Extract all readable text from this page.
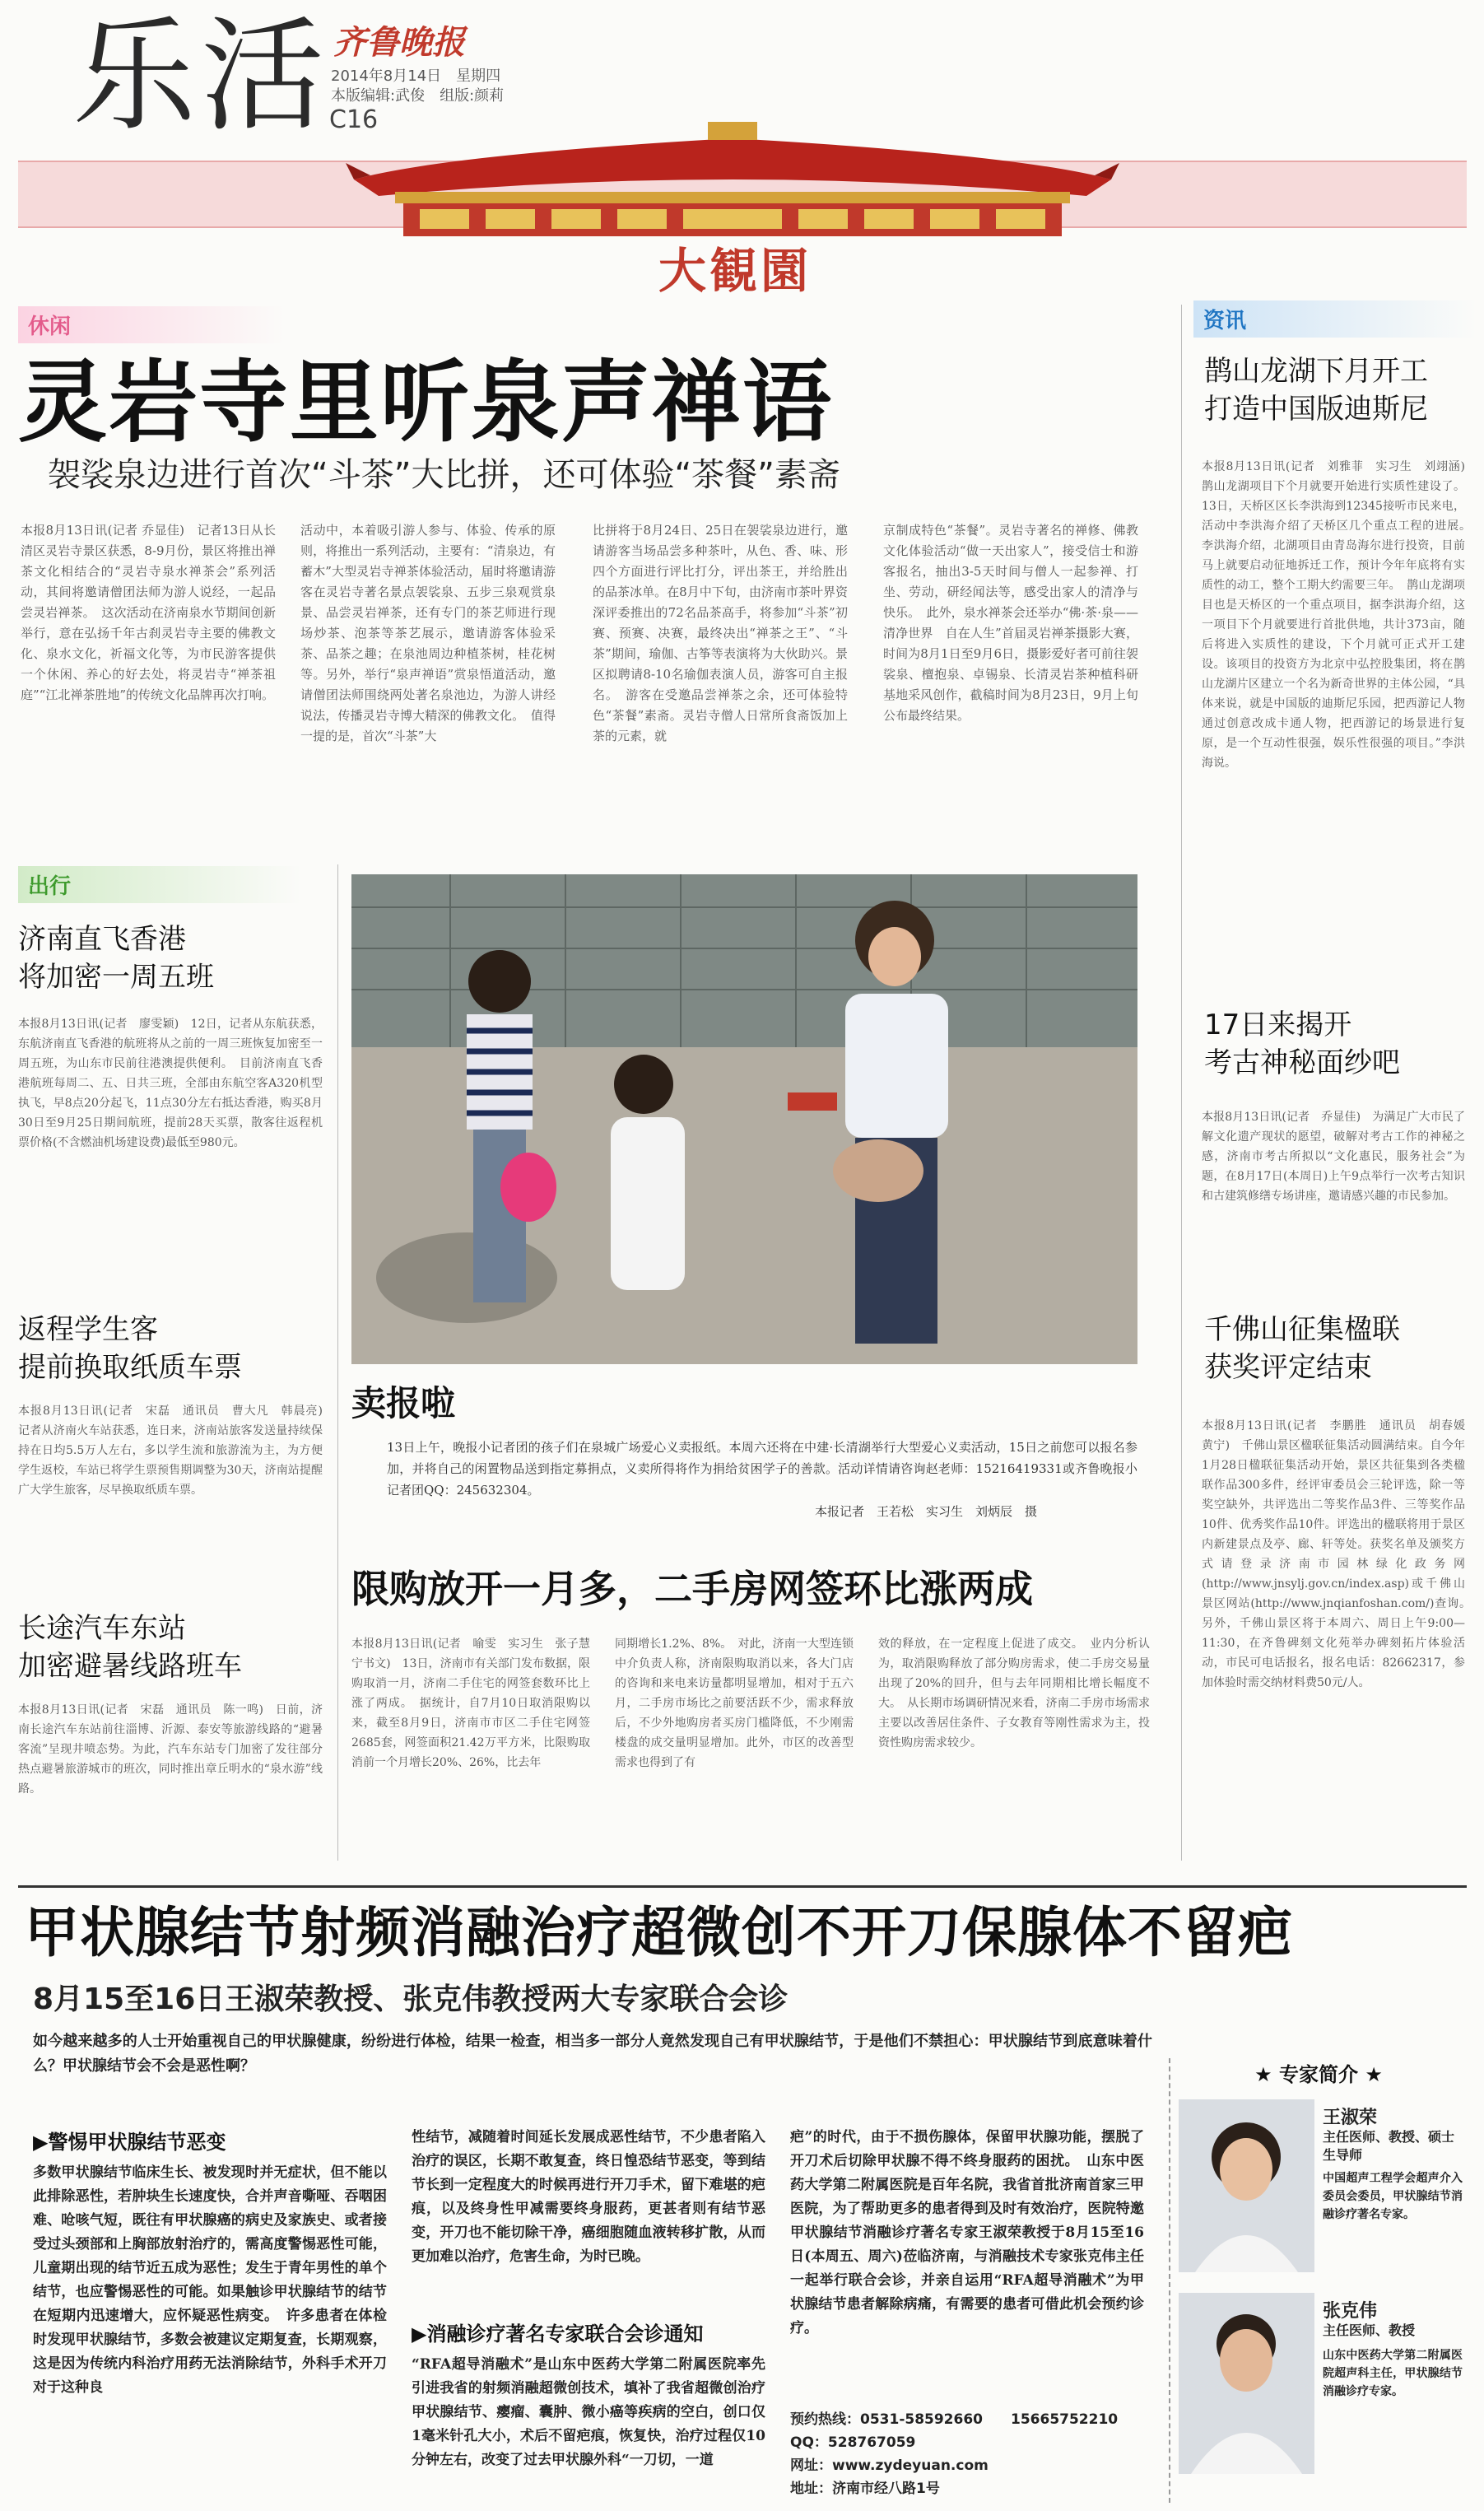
乐活 齐鲁晚报
2014年8月14日　星期四
本版编辑:武俊　组版:颜莉
C16
大観園
休闲
灵岩寺里听泉声禅语
袈裟泉边进行首次“斗茶”大比拼，还可体验“茶餐”素斋
本报8月13日讯(记者 乔显佳)　记者13日从长清区灵岩寺景区获悉，8-9月份，景区将推出禅茶文化相结合的“灵岩寺泉水禅茶会”系列活动，其间将邀请僧团法师为游人说经，一起品尝灵岩禅茶。　这次活动在济南泉水节期间创新举行，意在弘扬千年古刹灵岩寺主要的佛教文化、泉水文化，祈福文化等，为市民游客提供一个休闲、养心的好去处，将灵岩寺“禅茶祖庭”“江北禅茶胜地”的传统文化品牌再次打响。
活动中，本着吸引游人参与、体验、传承的原则，将推出一系列活动，主要有：“清泉边，有蓄木”大型灵岩寺禅茶体验活动，届时将邀请游客在灵岩寺著名景点袈裟泉、五步三泉观赏泉景、品尝灵岩禅茶，还有专门的茶艺师进行现场炒茶、泡茶等茶艺展示，邀请游客体验采茶、品茶之趣；在泉池周边种植茶树，桂花树等。另外，举行“泉声禅语”赏泉悟道活动，邀请僧团法师围绕两处著名泉池边，为游人讲经说法，传播灵岩寺博大精深的佛教文化。　值得一提的是，首次“斗茶”大
比拼将于8月24日、25日在袈裟泉边进行，邀请游客当场品尝多种茶叶，从色、香、味、形四个方面进行评比打分，评出茶王，并给胜出的品茶冰单。在8月中下旬，由济南市茶叶界资深评委推出的72名品茶高手，将参加“斗茶”初赛、预赛、决赛，最终决出“禅茶之王”、“斗茶”期间，瑜伽、古筝等表演将为大伙助兴。景区拟聘请8-10名瑜伽表演人员，游客可自主报名。　游客在受邀品尝禅茶之余，还可体验特色“茶餐”素斋。灵岩寺僧人日常所食斋饭加上茶的元素，就
京制成特色“茶餐”。灵岩寺著名的禅修、佛教文化体验活动“做一天出家人”，接受信士和游客报名，抽出3-5天时间与僧人一起参禅、打坐、劳动，研经闻法等，感受出家人的清净与快乐。　此外，泉水禅茶会还举办“佛·茶·泉——清净世界　自在人生”首届灵岩禅茶摄影大赛，时间为8月1日至9月6日，摄影爱好者可前往袈裟泉、檀抱泉、卓锡泉、长清灵岩茶种植科研基地采风创作，截稿时间为8月23日，9月上旬公布最终结果。
资讯
鹊山龙湖下月开工
打造中国版迪斯尼
本报8月13日讯(记者　刘雅菲　实习生　刘翊涵)　鹊山龙湖项目下个月就要开始进行实质性建设了。13日，天桥区区长李洪海到12345接听市民来电，活动中李洪海介绍了天桥区几个重点工程的进展。　李洪海介绍，北湖项目由青岛海尔进行投资，目前马上就要启动征地拆迁工作，预计今年年底将有实质性的动工，整个工期大约需要三年。　鹊山龙湖项目也是天桥区的一个重点项目，据李洪海介绍，这一项目下个月就要进行首批供地，共计373亩，随后将进入实质性的建设，下个月就可正式开工建设。该项目的投资方为北京中弘控股集团，将在鹊山龙湖片区建立一个名为新奇世界的主体公园，“具体来说，就是中国版的迪斯尼乐园，把西游记人物通过创意改成卡通人物，把西游记的场景进行复原，是一个互动性很强，娱乐性很强的项目。”李洪海说。
17日来揭开
考古神秘面纱吧
本报8月13日讯(记者　乔显佳)　为满足广大市民了解文化遗产现状的愿望，破解对考古工作的神秘之感，济南市考古所拟以“文化惠民，服务社会”为题，在8月17日(本周日)上午9点举行一次考古知识和古建筑修缮专场讲座，邀请感兴趣的市民参加。
千佛山征集楹联
获奖评定结束
本报8月13日讯(记者　李鹏胜　通讯员　胡春媛　黄宁)　千佛山景区楹联征集活动圆满结束。自今年1月28日楹联征集活动开始，景区共征集到各类楹联作品300多件，经评审委员会三轮评选，除一等奖空缺外，共评选出二等奖作品3件、三等奖作品10件、优秀奖作品10件。评选出的楹联将用于景区内新建景点及亭、廊、轩等处。获奖名单及颁奖方式请登录济南市园林绿化政务网(http://www.jnsylj.gov.cn/index.asp)或千佛山景区网站(http://www.jnqianfoshan.com/)查询。　另外，千佛山景区将于本周六、周日上午9:00—11:30，在齐鲁碑刻文化苑举办碑刻拓片体验活动，市民可电话报名，报名电话：82662317，参加体验时需交纳材料费50元/人。
出行
济南直飞香港
将加密一周五班
本报8月13日讯(记者　廖雯颖)　12日，记者从东航获悉，东航济南直飞香港的航班将从之前的一周三班恢复加密至一周五班，为山东市民前往港澳提供便利。　目前济南直飞香港航班每周二、五、日共三班，全部由东航空客A320机型执飞，早8点20分起飞，11点30分左右抵达香港，购买8月30日至9月25日期间航班，提前28天买票，散客往返程机票价格(不含燃油机场建设费)最低至980元。
返程学生客
提前换取纸质车票
本报8月13日讯(记者　宋磊　通讯员　曹大凡　韩晨亮)　记者从济南火车站获悉，连日来，济南站旅客发送量持续保持在日均5.5万人左右，多以学生流和旅游流为主，为方便学生返校，车站已将学生票预售期调整为30天，济南站提醒广大学生旅客，尽早换取纸质车票。
长途汽车东站
加密避暑线路班车
本报8月13日讯(记者　宋磊　通讯员　陈一鸣)　日前，济南长途汽车东站前往淄博、沂源、泰安等旅游线路的“避暑客流”呈现井喷态势。为此，汽车东站专门加密了发往部分热点避暑旅游城市的班次，同时推出章丘明水的“泉水游”线路。
卖报啦
13日上午，晚报小记者团的孩子们在泉城广场爱心义卖报纸。本周六还将在中建·长清湖举行大型爱心义卖活动，15日之前您可以报名参加，并将自己的闲置物品送到指定募捐点，义卖所得将作为捐给贫困学子的善款。活动详情请咨询赵老师：15216419331或齐鲁晚报小记者团QQ：245632304。
本报记者　王若松　实习生　刘炳辰　摄
限购放开一月多，二手房网签环比涨两成
本报8月13日讯(记者　喻雯　实习生　张子慧　宁书文)　13日，济南市有关部门发布数据，限购取消一月，济南二手住宅的网签套数环比上涨了两成。　据统计，自7月10日取消限购以来，截至8月9日，济南市市区二手住宅网签2685套，网签面积21.42万平方米，比限购取消前一个月增长20%、26%，比去年
同期增长1.2%、8%。　对此，济南一大型连锁中介负责人称，济南限购取消以来，各大门店的咨询和来电来访量都明显增加，相对于五六月，二手房市场比之前要活跃不少，需求释放后，不少外地购房者买房门槛降低，不少刚需楼盘的成交量明显增加。此外，市区的改善型需求也得到了有
效的释放，在一定程度上促进了成交。　业内分析认为，取消限购释放了部分购房需求，使二手房交易量出现了20%的回升，但与去年同期相比增长幅度不大。　从长期市场调研情况来看，济南二手房市场需求主要以改善居住条件、子女教育等刚性需求为主，投资性购房需求较少。
甲状腺结节射频消融治疗超微创不开刀保腺体不留疤
8月15至16日王淑荣教授、张克伟教授两大专家联合会诊
如今越来越多的人士开始重视自己的甲状腺健康，纷纷进行体检，结果一检查，相当多一部分人竟然发现自己有甲状腺结节，于是他们不禁担心：甲状腺结节到底意味着什么？甲状腺结节会不会是恶性啊？
▶警惕甲状腺结节恶变
多数甲状腺结节临床生长、被发现时并无症状，但不能以此排除恶性，若肿块生长速度快，合并声音嘶哑、吞咽困难、呛咳气短，既往有甲状腺癌的病史及家族史、或者接受过头颈部和上胸部放射治疗的，需高度警惕恶性可能，儿童期出现的结节近五成为恶性；发生于青年男性的单个结节，也应警惕恶性的可能。如果触诊甲状腺结节的结节在短期内迅速增大，应怀疑恶性病变。　许多患者在体检时发现甲状腺结节，多数会被建议定期复查，长期观察，这是因为传统内科治疗用药无法消除结节，外科手术开刀对于这种良
性结节，减随着时间延长发展成恶性结节，不少患者陷入治疗的误区，长期不敢复查，终日惶恐结节恶变，等到结节长到一定程度大的时候再进行开刀手术，留下难堪的疤痕，以及终身性甲减需要终身服药，更甚者则有结节恶变，开刀也不能切除干净，癌细胞随血液转移扩散，从而更加难以治疗，危害生命，为时已晚。
▶消融诊疗著名专家联合会诊通知
“RFA超导消融术”是山东中医药大学第二附属医院率先引进我省的射频消融超微创技术，填补了我省超微创治疗甲状腺结节、瘿瘤、囊肿、微小癌等疾病的空白，创口仅1毫米针孔大小，术后不留疤痕，恢复快，治疗过程仅10分钟左右，改变了过去甲状腺外科“一刀切，一道
疤”的时代，由于不损伤腺体，保留甲状腺功能，摆脱了开刀术后切除甲状腺不得不终身服药的困扰。　山东中医药大学第二附属医院是百年名院，我省首批济南首家三甲医院，为了帮助更多的患者得到及时有效治疗，医院特邀甲状腺结节消融诊疗著名专家王淑荣教授于8月15至16日(本周五、周六)莅临济南，与消融技术专家张克伟主任一起举行联合会诊，并亲自运用“RFA超导消融术”为甲状腺结节患者解除病痛，有需要的患者可借此机会预约诊疗。
预约热线：0531-58592660　　15665752210
QQ：528767059
网址：www.zydeyuan.com
地址：济南市经八路1号
★ 专家简介 ★
王淑荣
主任医师、教授、硕士生导师
中国超声工程学会超声介入委员会委员，甲状腺结节消融诊疗著名专家。
张克伟
主任医师、教授
山东中医药大学第二附属医院超声科主任，甲状腺结节消融诊疗专家。
